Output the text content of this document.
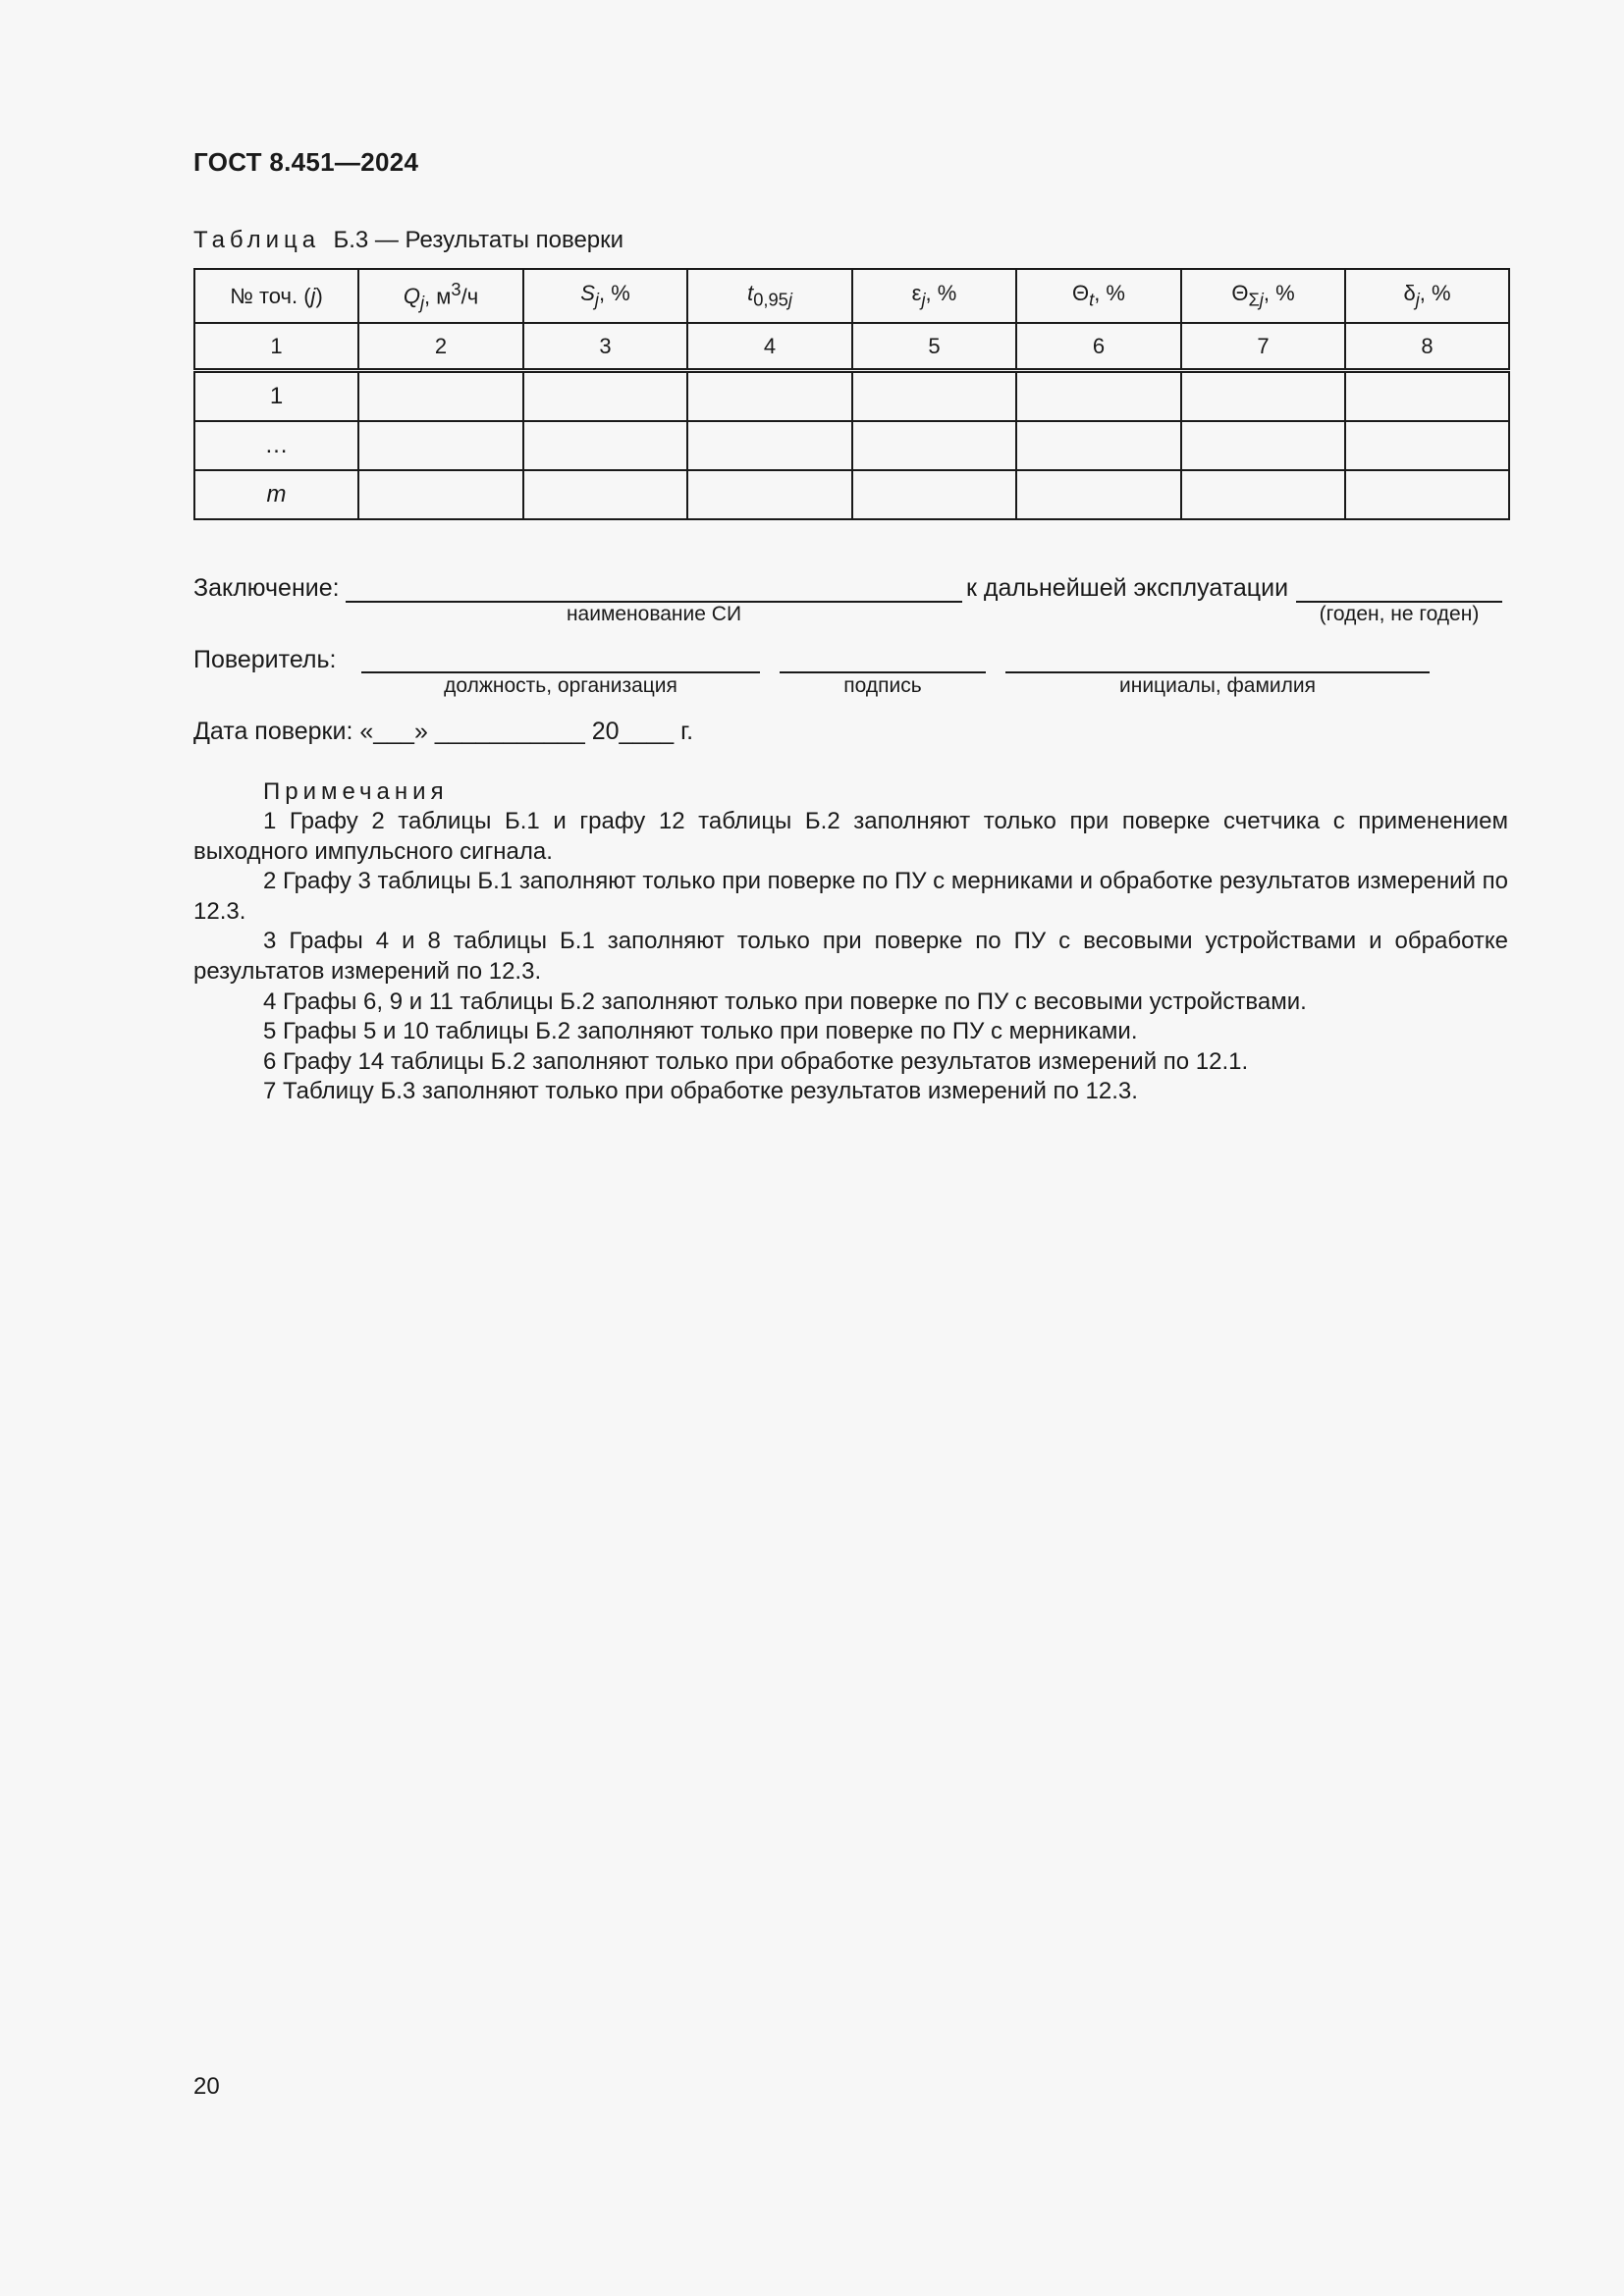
ГОСТ 8.451—2024
Таблица Б.3 — Результаты поверки
№ точ. (j)	$Q_j$, $м^3/ч$	$S_j$, %	$t_{0,95j}$	$\varepsilon_j$, %	$\Theta_t$, %	$\Theta_{\Sigma j}$, %	$\delta_j$, %
1	2	3	4	5	6	7	8
1							
…							
m							
Заключение:	к дальнейшей эксплуатации
наименование СИ	(годен, не годен)
Поверитель:
должность, организация	подпись	инициалы, фамилия
Дата поверки: «___» ___________ 20____ г.
Примечания

1 Графу 2 таблицы Б.1 и графу 12 таблицы Б.2 заполняют только при поверке счетчика с применением выходного импульсного сигнала.

2 Графу 3 таблицы Б.1 заполняют только при поверке по ПУ с мерниками и обработке результатов измерений по 12.3.

3 Графы 4 и 8 таблицы Б.1 заполняют только при поверке по ПУ с весовыми устройствами и обработке результатов измерений по 12.3.

4 Графы 6, 9 и 11 таблицы Б.2 заполняют только при поверке по ПУ с весовыми устройствами.

5 Графы 5 и 10 таблицы Б.2 заполняют только при поверке по ПУ с мерниками.

6 Графу 14 таблицы Б.2 заполняют только при обработке результатов измерений по 12.1.

7 Таблицу Б.3 заполняют только при обработке результатов измерений по 12.3.

20
